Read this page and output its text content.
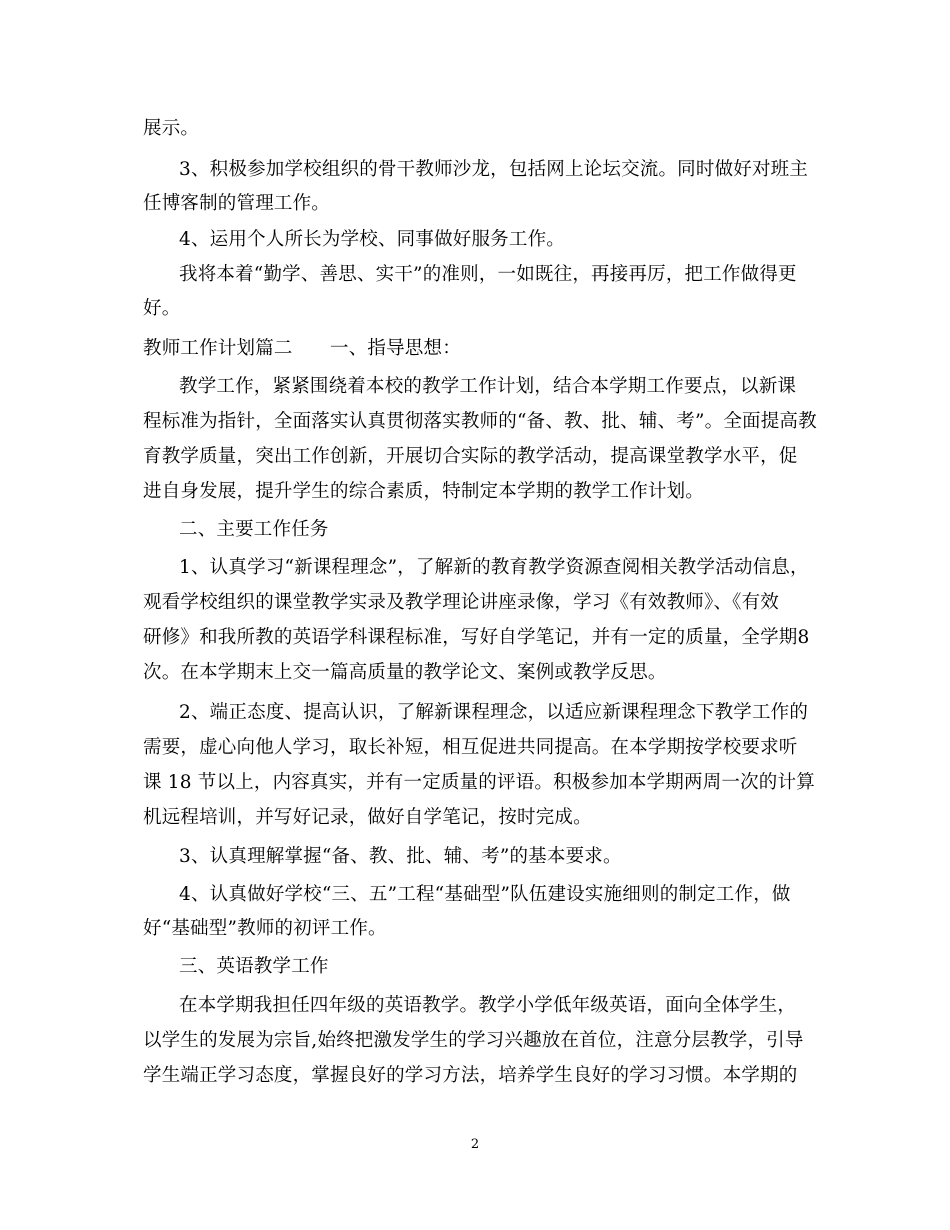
展示。
3、积极参加学校组织的骨干教师沙龙，包括网上论坛交流。同时做好对班主
任博客制的管理工作。
4、运用个人所长为学校、同事做好服务工作。
我将本着“勤学、善思、实干”的准则，一如既往，再接再厉，把工作做得更
好。
教师工作计划篇二　　一、指导思想：
教学工作，紧紧围绕着本校的教学工作计划，结合本学期工作要点，以新课
程标准为指针，全面落实认真贯彻落实教师的“备、教、批、辅、考”。全面提高教
育教学质量，突出工作创新，开展切合实际的教学活动，提高课堂教学水平，促
进自身发展，提升学生的综合素质，特制定本学期的教学工作计划。
二、主要工作任务
1、认真学习“新课程理念”，了解新的教育教学资源查阅相关教学活动信息，
观看学校组织的课堂教学实录及教学理论讲座录像，学习《有效教师》、《有效
研修》和我所教的英语学科课程标准，写好自学笔记，并有一定的质量，全学期8
次。在本学期末上交一篇高质量的教学论文、案例或教学反思。
2、端正态度、提高认识，了解新课程理念，以适应新课程理念下教学工作的
需要，虚心向他人学习，取长补短，相互促进共同提高。在本学期按学校要求听
课 18 节以上，内容真实，并有一定质量的评语。积极参加本学期两周一次的计算
机远程培训，并写好记录，做好自学笔记，按时完成。
3、认真理解掌握“备、教、批、辅、考”的基本要求。
4、认真做好学校“三、五”工程“基础型”队伍建设实施细则的制定工作，做
好“基础型”教师的初评工作。
三、英语教学工作
在本学期我担任四年级的英语教学。教学小学低年级英语，面向全体学生，
以学生的发展为宗旨,始终把激发学生的学习兴趣放在首位，注意分层教学，引导
学生端正学习态度，掌握良好的学习方法，培养学生良好的学习习惯。本学期的
2
